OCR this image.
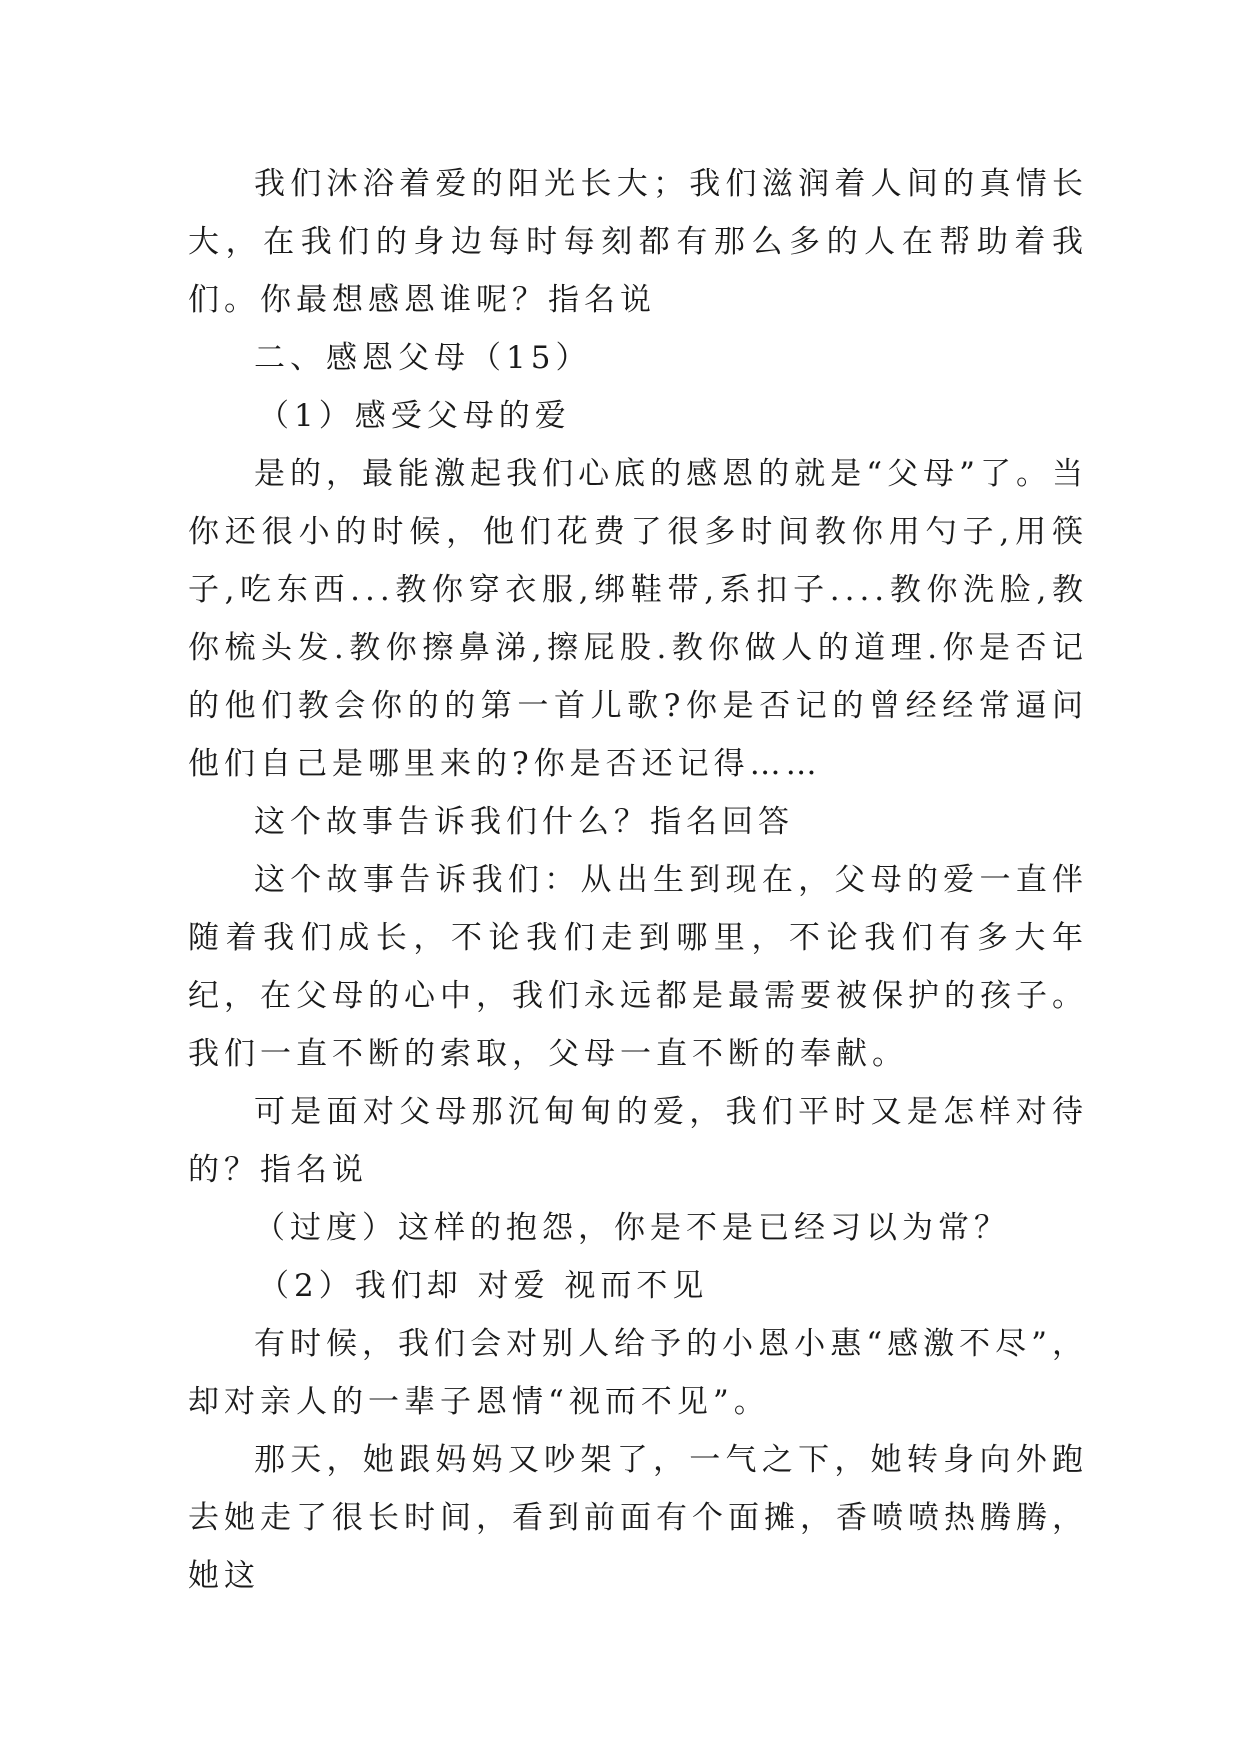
我们沐浴着爱的阳光长大；我们滋润着人间的真情长大，在我们的身边每时每刻都有那么多的人在帮助着我们。你最想感恩谁呢？指名说

二、感恩父母（15）

（1）感受父母的爱

是的，最能激起我们心底的感恩的就是“父母”了。当你还很小的时候，他们花费了很多时间教你用勺子,用筷子,吃东西...教你穿衣服,绑鞋带,系扣子....教你洗脸,教你梳头发.教你擦鼻涕,擦屁股.教你做人的道理.你是否记的他们教会你的的第一首儿歌?你是否记的曾经经常逼问他们自己是哪里来的?你是否还记得……

这个故事告诉我们什么？指名回答

这个故事告诉我们：从出生到现在，父母的爱一直伴随着我们成长，不论我们走到哪里，不论我们有多大年纪，在父母的心中，我们永远都是最需要被保护的孩子。我们一直不断的索取，父母一直不断的奉献。

可是面对父母那沉甸甸的爱，我们平时又是怎样对待的？指名说

（过度）这样的抱怨，你是不是已经习以为常？

（2）我们却 对爱 视而不见

有时候，我们会对别人给予的小恩小惠“感激不尽”，却对亲人的一辈子恩情“视而不见”。

那天，她跟妈妈又吵架了，一气之下，她转身向外跑去她走了很长时间，看到前面有个面摊，香喷喷热腾腾，她这
